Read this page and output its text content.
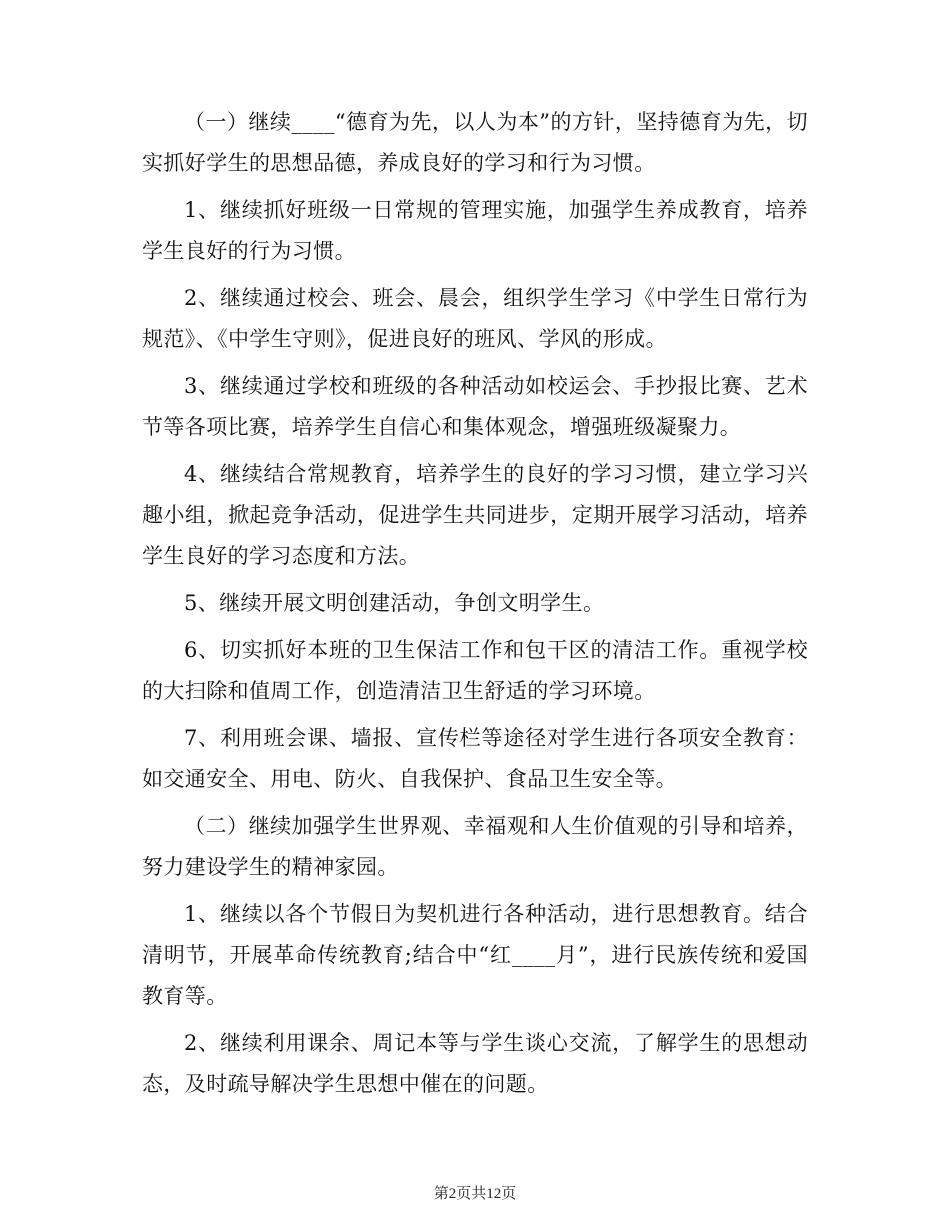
（一）继续____“德育为先，以人为本”的方针，坚持德育为先，切实抓好学生的思想品德，养成良好的学习和行为习惯。

1、继续抓好班级一日常规的管理实施，加强学生养成教育，培养学生良好的行为习惯。

2、继续通过校会、班会、晨会，组织学生学习《中学生日常行为规范》、《中学生守则》，促进良好的班风、学风的形成。

3、继续通过学校和班级的各种活动如校运会、手抄报比赛、艺术节等各项比赛，培养学生自信心和集体观念，增强班级凝聚力。

4、继续结合常规教育，培养学生的良好的学习习惯，建立学习兴趣小组，掀起竞争活动，促进学生共同进步，定期开展学习活动，培养学生良好的学习态度和方法。

5、继续开展文明创建活动，争创文明学生。

6、切实抓好本班的卫生保洁工作和包干区的清洁工作。重视学校的大扫除和值周工作，创造清洁卫生舒适的学习环境。

7、利用班会课、墙报、宣传栏等途径对学生进行各项安全教育：如交通安全、用电、防火、自我保护、食品卫生安全等。

（二）继续加强学生世界观、幸福观和人生价值观的引导和培养，努力建设学生的精神家园。

1、继续以各个节假日为契机进行各种活动，进行思想教育。结合清明节，开展革命传统教育;结合中“红____月”，进行民族传统和爱国教育等。

2、继续利用课余、周记本等与学生谈心交流，了解学生的思想动态，及时疏导解决学生思想中催在的问题。

第2页共12页
